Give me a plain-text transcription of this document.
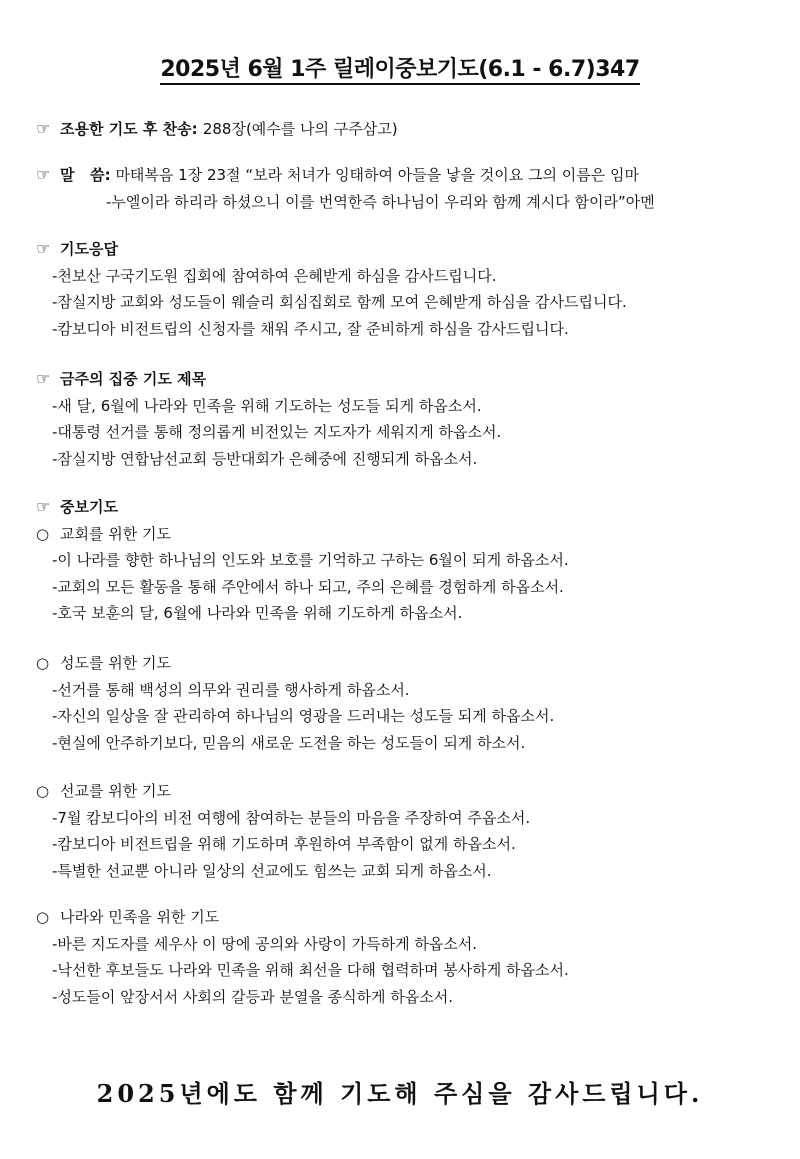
2025년 6월 1주 릴레이중보기도(6.1 - 6.7)347
☞ 조용한 기도 후 찬송: 288장(예수를 나의 구주삼고)
☞ 말   씀: 마태복음 1장 23절 “보라 처녀가 잉태하여 아들을 낳을 것이요 그의 이름은 임마
-누엘이라 하리라 하셨으니 이를 번역한즉 하나님이 우리와 함께 계시다 함이라”아멘
☞ 기도응답
-천보산 구국기도원 집회에 참여하여 은혜받게 하심을 감사드립니다.
-잠실지방 교회와 성도들이 웨슬리 회심집회로 함께 모여 은혜받게 하심을 감사드립니다.
-캄보디아 비전트립의 신청자를 채워 주시고, 잘 준비하게 하심을 감사드립니다.
☞ 금주의 집중 기도 제목
-새 달, 6월에 나라와 민족을 위해 기도하는 성도들 되게 하옵소서.
-대통령 선거를 통해 정의롭게 비전있는 지도자가 세워지게 하옵소서.
-잠실지방 연합남선교회 등반대회가 은혜중에 진행되게 하옵소서.
☞ 중보기도
○ 교회를 위한 기도
-이 나라를 향한 하나님의 인도와 보호를 기억하고 구하는 6월이 되게 하옵소서.
-교회의 모든 활동을 통해 주안에서 하나 되고, 주의 은혜를 경험하게 하옵소서.
-호국 보훈의 달, 6월에 나라와 민족을 위해 기도하게 하옵소서.
○ 성도를 위한 기도
-선거를 통해 백성의 의무와 권리를 행사하게 하옵소서.
-자신의 일상을 잘 관리하여 하나님의 영광을 드러내는 성도들 되게 하옵소서.
-현실에 안주하기보다, 믿음의 새로운 도전을 하는 성도들이 되게 하소서.
○ 선교를 위한 기도
-7월 캄보디아의 비전 여행에 참여하는 분들의 마음을 주장하여 주옵소서.
-캄보디아 비전트립을 위해 기도하며 후원하여 부족함이 없게 하옵소서.
-특별한 선교뿐 아니라 일상의 선교에도 힘쓰는 교회 되게 하옵소서.
○ 나라와 민족을 위한 기도
-바른 지도자를 세우사 이 땅에 공의와 사랑이 가득하게 하옵소서.
-낙선한 후보들도 나라와 민족을 위해 최선을 다해 협력하며 봉사하게 하옵소서.
-성도들이 앞장서서 사회의 갈등과 분열을 종식하게 하옵소서.
2025년에도 함께 기도해 주심을 감사드립니다.
